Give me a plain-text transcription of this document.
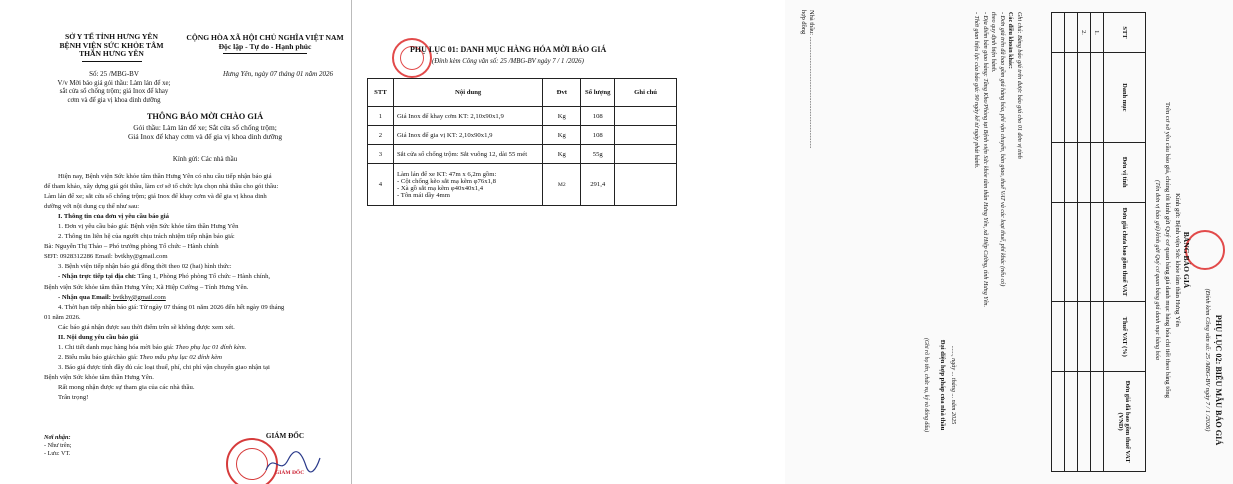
SỞ Y TẾ TỈNH HƯNG YÊN
BỆNH VIỆN SỨC KHỎE TÂM
THẦN HƯNG YÊN
CỘNG HÒA XÃ HỘI CHỦ NGHĨA VIỆT NAM
Độc lập - Tự do - Hạnh phúc
Số: 25 /MBG-BV	Hưng Yên, ngày 07 tháng 01 năm 2026
V/v Mời báo giá gói thầu: Làm lán để xe;
sắt cửa sổ chống trộm; giá Inox để khay
cơm và để gia vị khoa dinh dưỡng
THÔNG BÁO MỜI CHÀO GIÁ
Gói thầu: Làm lán để xe; Sắt cửa sổ chống trộm;
Giá Inox để khay cơm và để gia vị khoa dinh dưỡng
Kính gửi: Các nhà thầu
Hiện nay, Bệnh viện Sức khỏe tâm thần Hưng Yên có nhu cầu tiếp nhận báo giá
để tham khảo, xây dựng giá gói thầu, làm cơ sở tổ chức lựa chọn nhà thầu cho gói thầu:
Làm lán để xe; sắt cửa sổ chống trộm; giá Inox để khay cơm và để gia vị khoa dinh
dưỡng với nội dung cụ thể như sau:
I. Thông tin của đơn vị yêu cầu báo giá
1. Đơn vị yêu cầu báo giá: Bệnh viện Sức khỏe tâm thần Hưng Yên
2. Thông tin liên hệ của người chịu trách nhiệm tiếp nhận báo giá:
Bà: Nguyễn Thị Thảo – Phó trưởng phòng Tổ chức – Hành chính
SĐT: 0928312286 Email: bvtkhy@gmail.com
3. Bệnh viện tiếp nhận báo giá đồng thời theo 02 (hai) hình thức:
- Nhận trực tiếp tại địa chỉ: Tầng 1, Phòng Phó phòng Tổ chức – Hành chính,
Bệnh viện Sức khỏe tâm thần Hưng Yên; Xã Hiệp Cường – Tỉnh Hưng Yên.
- Nhận qua Email: bvtkhy@gmail.com
4. Thời hạn tiếp nhận báo giá: Từ ngày 07 tháng 01 năm 2026 đến hết ngày 09 tháng
01 năm 2026.
Các báo giá nhận được sau thời điểm trên sẽ không được xem xét.
II. Nội dung yêu cầu báo giá
1. Chi tiết danh mục hàng hóa mời báo giá: Theo phụ lục 01 đính kèm.
2. Biểu mẫu báo giá/chào giá: Theo mẫu phụ lục 02 đính kèm
3. Báo giá được tính đầy đủ các loại thuế, phí, chi phí vận chuyển giao nhận tại
Bệnh viện Sức khỏe tâm thần Hưng Yên.
Rất mong nhận được sự tham gia của các nhà thầu.
Trân trọng!
Nơi nhận:
- Như trên;
- Lưu: VT.
GIÁM ĐỐC
GIÁM ĐỐC
PHỤ LỤC 01: DANH MỤC HÀNG HÓA MỜI BÁO GIÁ
(Đính kèm Công văn số: 25 /MBG-BV ngày 7 / 1 /2026)
STT	Nội dung	Đvt	Số lượng	Ghi chú
1	Giá Inox để khay cơm KT: 2,10x90x1,9	Kg	108	
2	Giá Inox để gia vị KT: 2,10x90x1,9	Kg	108	
3	Sắt cửa sổ chống trộm: Sắt vuông 12, dài 55 mét	Kg	55g	
4	Làm lán để xe KT: 47m x 6,2m gồm:
- Cột chống kẽo sắt mạ kẽm φ76x1,8
- Xà gồ sắt mạ kẽm φ40x40x1,4
- Tôn mái dầy 4mm	M2	291,4	
PHỤ LỤC 02: BIỂU MẪU BÁO GIÁ
(Đính kèm Công văn số: 25 /MBG-BV ngày 7 / 1 /2026)
BẢNG BÁO GIÁ
Kính gửi: Bệnh viện Sức khỏe tâm thần Hưng Yên
Trên cơ sở yêu cầu báo giá, chúng tôi kính gửi Quý cơ quan bảng giá danh mục hàng hóa chi tiết theo bảng tổng
(Tên đơn vị báo giá) kính gửi Quý cơ quan bảng giá danh mục hàng hóa
STT	Danh mục	Đơn vị tính	Đơn giá chưa bao gồm thuế VAT	Thuế VAT (%)	Đơn giá đã bao gồm thuế VAT (VND)
1.					
2.					

Ghi chú: Bảng báo giá trên được báo giá cho 01 đơn vị tính
Các điều khoản khác:
- Đơn giá trên đã bao gồm giá hàng hóa, phí vận chuyển, bàn giao, thuế VAT và các loại thuế, phí khác (nếu có)
theo quy định hiện hành.
- Địa điểm bàn giao hàng: Tầng Kho/Phòng tại Bệnh viện Sức khỏe tâm thần Hưng Yên, xã Hiệp Cường, tỉnh Hưng Yên.
- Thời gian hiệu lực của báo giá: 90 ngày kể từ ngày phát hành.
......, ngày ... tháng ... năm 2025
Đại diện hợp pháp của nhà thầu
(Ghi rõ họ tên, chức vụ, ký và đóng dấu)
Nhà thầu: ......................................................................
hợp đồng
